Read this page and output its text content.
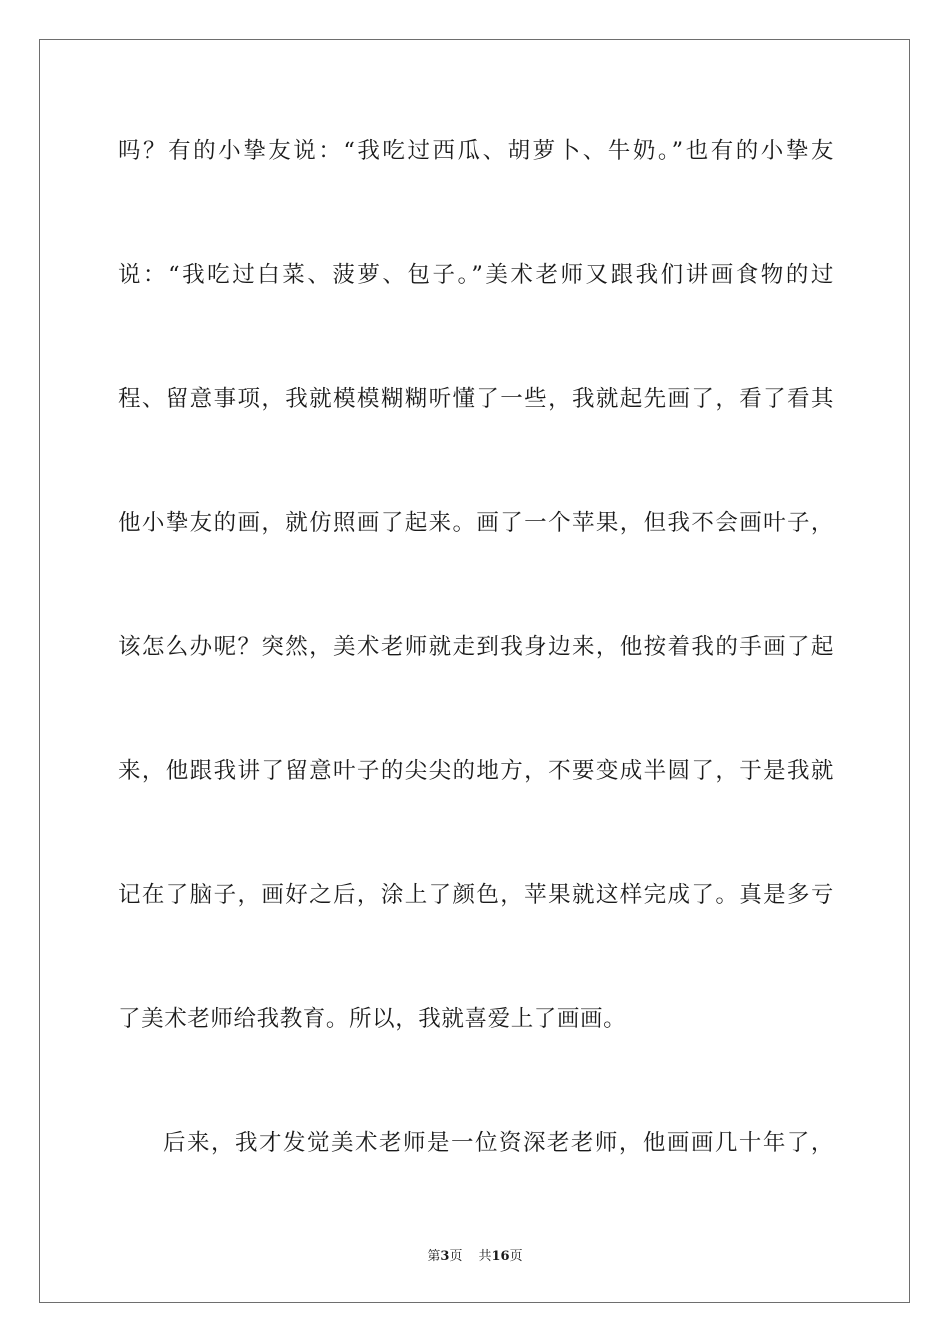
吗？有的小挚友说：“我吃过西瓜、胡萝卜、牛奶。”也有的小挚友
说：“我吃过白菜、菠萝、包子。”美术老师又跟我们讲画食物的过
程、留意事项，我就模模糊糊听懂了一些，我就起先画了，看了看其
他小挚友的画，就仿照画了起来。画了一个苹果，但我不会画叶子，
该怎么办呢？突然，美术老师就走到我身边来，他按着我的手画了起
来，他跟我讲了留意叶子的尖尖的地方，不要变成半圆了，于是我就
记在了脑子，画好之后，涂上了颜色，苹果就这样完成了。真是多亏
了美术老师给我教育。所以，我就喜爱上了画画。
后来，我才发觉美术老师是一位资深老老师，他画画几十年了，
第3页 共16页
